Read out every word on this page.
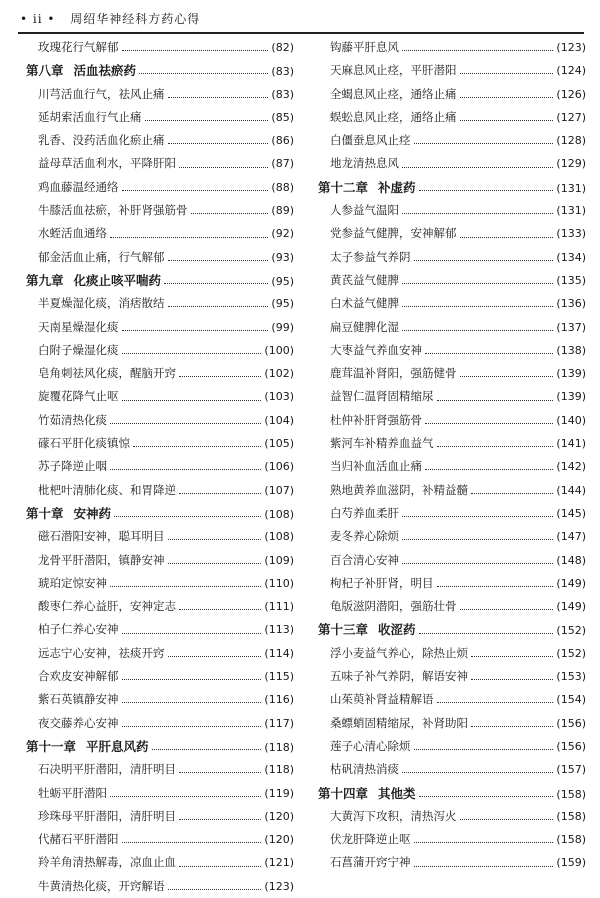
• ii • 周绍华神经科方药心得
玫瑰花行气解郁	(82)
第八章 活血祛瘀药	(83)
川芎活血行气，祛风止痛	(83)
延胡索活血行气止痛	(85)
乳香、没药活血化瘀止痛	(86)
益母草活血利水，平降肝阳	(87)
鸡血藤温经通络	(88)
牛膝活血祛瘀，补肝肾强筋骨	(89)
水蛭活血通络	(92)
郁金活血止痛，行气解郁	(93)
第九章 化痰止咳平喘药	(95)
半夏燥湿化痰，消痞散结	(95)
天南星燥湿化痰	(99)
白附子燥湿化痰	(100)
皂角刺祛风化痰，醒脑开窍	(102)
旋覆花降气止呕	(103)
竹茹清热化痰	(104)
礞石平肝化痰镇惊	(105)
苏子降逆止咽	(106)
枇杷叶清肺化痰、和胃降逆	(107)
第十章 安神药	(108)
磁石潜阳安神，聪耳明目	(108)
龙骨平肝潜阳，镇静安神	(109)
琥珀定惊安神	(110)
酸枣仁养心益肝，安神定志	(111)
柏子仁养心安神	(113)
远志宁心安神，祛痰开窍	(114)
合欢皮安神解郁	(115)
紫石英镇静安神	(116)
夜交藤养心安神	(117)
第十一章 平肝息风药	(118)
石决明平肝潜阳，清肝明目	(118)
牡蛎平肝潜阳	(119)
珍珠母平肝潜阳，清肝明目	(120)
代赭石平肝潜阳	(120)
羚羊角清热解毒，凉血止血	(121)
牛黄清热化痰，开窍解语	(123)
钩藤平肝息风	(123)
天麻息风止痉，平肝潜阳	(124)
全蝎息风止痉，通络止痛	(126)
蜈蚣息风止痉，通络止痛	(127)
白僵蚕息风止痉	(128)
地龙清热息风	(129)
第十二章 补虚药	(131)
人参益气温阳	(131)
党参益气健脾，安神解郁	(133)
太子参益气养阴	(134)
黄芪益气健脾	(135)
白术益气健脾	(136)
扁豆健脾化湿	(137)
大枣益气养血安神	(138)
鹿茸温补肾阳，强筋健骨	(139)
益智仁温肾固精缩尿	(139)
杜仲补肝肾强筋骨	(140)
紫河车补精养血益气	(141)
当归补血活血止痛	(142)
熟地黄养血滋阴，补精益髓	(144)
白芍养血柔肝	(145)
麦冬养心除烦	(147)
百合清心安神	(148)
枸杞子补肝肾，明目	(149)
龟版滋阴潜阳，强筋壮骨	(149)
第十三章 收涩药	(152)
浮小麦益气养心，除热止烦	(152)
五味子补气养阴，解语安神	(153)
山茱萸补肾益精解语	(154)
桑螵蛸固精缩尿，补肾助阳	(156)
莲子心清心除烦	(156)
枯矾清热消痰	(157)
第十四章 其他类	(158)
大黄泻下攻积，清热泻火	(158)
伏龙肝降逆止呕	(158)
石菖蒲开窍宁神	(159)
